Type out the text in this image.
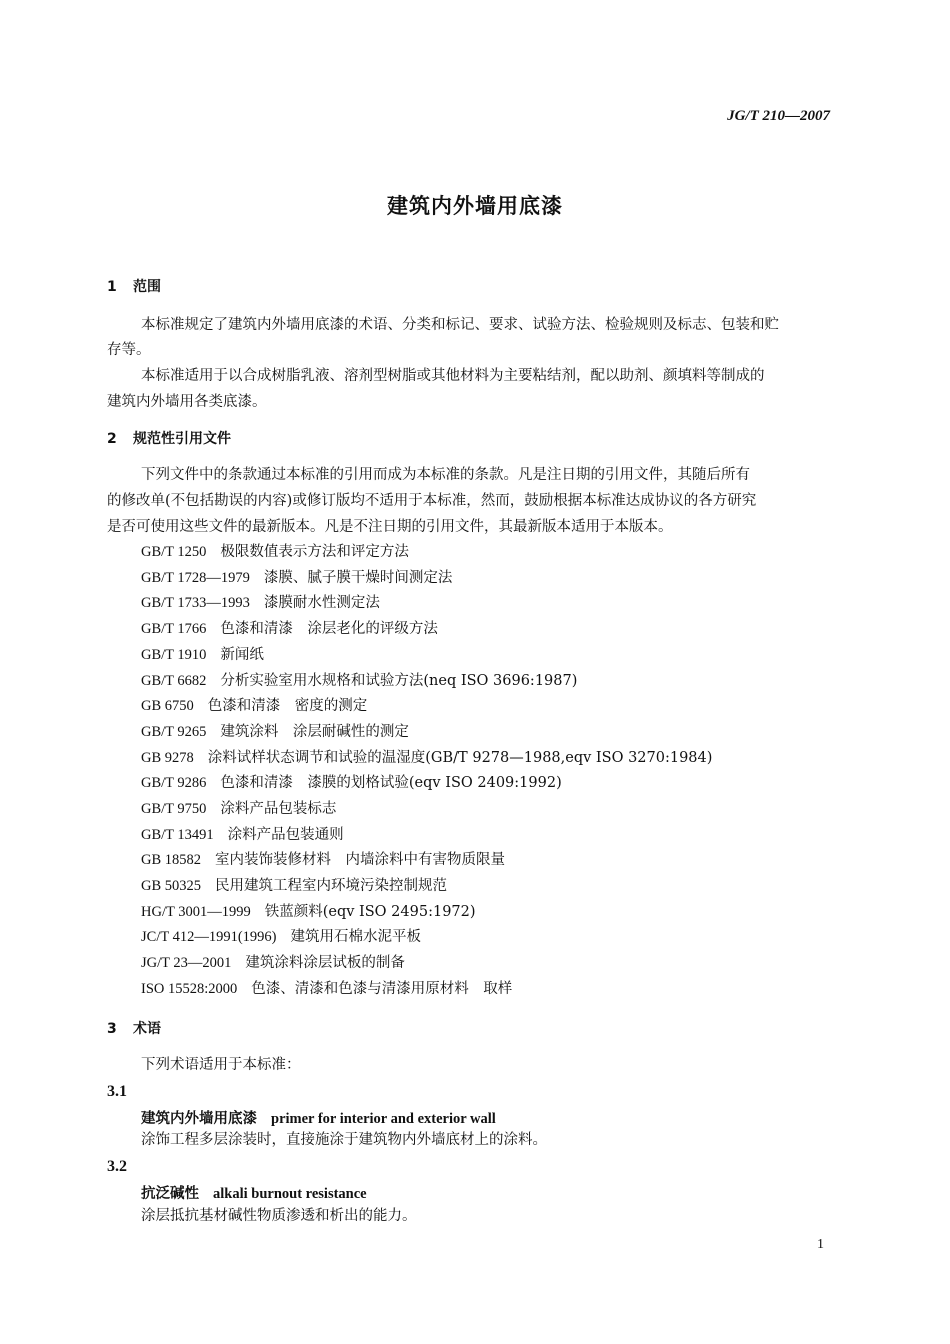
JG/T 210—2007
建筑内外墙用底漆
1 范围
本标准规定了建筑内外墙用底漆的术语、分类和标记、要求、试验方法、检验规则及标志、包装和贮
存等。
本标准适用于以合成树脂乳液、溶剂型树脂或其他材料为主要粘结剂，配以助剂、颜填料等制成的
建筑内外墙用各类底漆。
2 规范性引用文件
下列文件中的条款通过本标准的引用而成为本标准的条款。凡是注日期的引用文件，其随后所有
的修改单(不包括勘误的内容)或修订版均不适用于本标准，然而，鼓励根据本标准达成协议的各方研究
是否可使用这些文件的最新版本。凡是不注日期的引用文件，其最新版本适用于本版本。
GB/T 1250 极限数值表示方法和评定方法
GB/T 1728—1979 漆膜、腻子膜干燥时间测定法
GB/T 1733—1993 漆膜耐水性测定法
GB/T 1766 色漆和清漆　涂层老化的评级方法
GB/T 1910 新闻纸
GB/T 6682 分析实验室用水规格和试验方法(neq ISO 3696:1987)
GB 6750 色漆和清漆　密度的测定
GB/T 9265 建筑涂料　涂层耐碱性的测定
GB 9278 涂料试样状态调节和试验的温湿度(GB/T 9278—1988,eqv ISO 3270:1984)
GB/T 9286 色漆和清漆　漆膜的划格试验(eqv ISO 2409:1992)
GB/T 9750 涂料产品包装标志
GB/T 13491 涂料产品包装通则
GB 18582 室内装饰装修材料　内墙涂料中有害物质限量
GB 50325 民用建筑工程室内环境污染控制规范
HG/T 3001—1999 铁蓝颜料(eqv ISO 2495:1972)
JC/T 412—1991(1996) 建筑用石棉水泥平板
JG/T 23—2001 建筑涂料涂层试板的制备
ISO 15528:2000 色漆、清漆和色漆与清漆用原材料　取样
3 术语
下列术语适用于本标准：
3.1
建筑内外墙用底漆 primer for interior and exterior wall
涂饰工程多层涂装时，直接施涂于建筑物内外墙底材上的涂料。
3.2
抗泛碱性 alkali burnout resistance
涂层抵抗基材碱性物质渗透和析出的能力。
1
